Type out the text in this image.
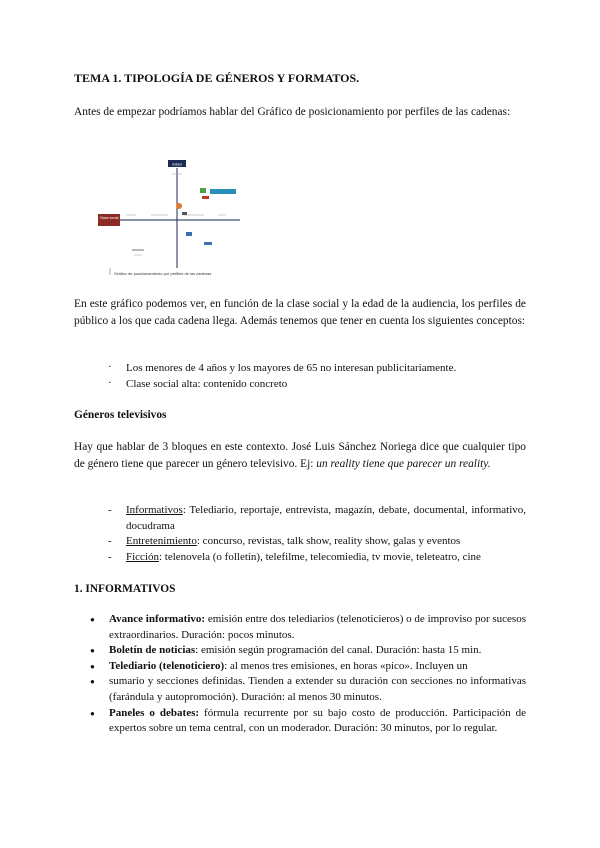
TEMA 1. TIPOLOGÍA DE GÉNEROS Y FORMATOS.
Antes de empezar podríamos hablar del Gráfico de posicionamiento por perfiles de las cadenas:
Edad
Clase social
Gráfico de posicionamiento por perfiles de las cadenas
En este gráfico podemos ver, en función de la clase social y la edad de la audiencia, los perfiles de público a los que cada cadena llega. Además tenemos que tener en cuenta los siguientes conceptos:
· Los menores de 4 años y los mayores de 65 no interesan publicitariamente.
· Clase social alta: contenido concreto
Géneros televisivos
Hay que hablar de 3 bloques en este contexto. José Luis Sánchez Noriega dice que cualquier tipo de género tiene que parecer un género televisivo. Ej: un reality tiene que parecer un reality.
- Informativos: Telediario, reportaje, entrevista, magazín, debate, documental, informativo, docudrama
- Entretenimiento: concurso, revistas, talk show, reality show, galas y eventos
- Ficción: telenovela (o folletín), telefilme, telecomiedia, tv movie, teleteatro, cine
1. INFORMATIVOS
● Avance informativo: emisión entre dos telediarios (telenoticieros) o de improviso por sucesos extraordinarios. Duración: pocos minutos.
● Boletín de noticias: emisión según programación del canal. Duración: hasta 15 min.
● Telediario (telenoticiero): al menos tres emisiones, en horas «pico». Incluyen un
● sumario y secciones definidas. Tienden a extender su duración con secciones no informativas (farándula y autopromoción). Duración: al menos 30 minutos.
● Paneles o debates: fórmula recurrente por su bajo costo de producción. Participación de expertos sobre un tema central, con un moderador. Duración: 30 minutos, por lo regular.
